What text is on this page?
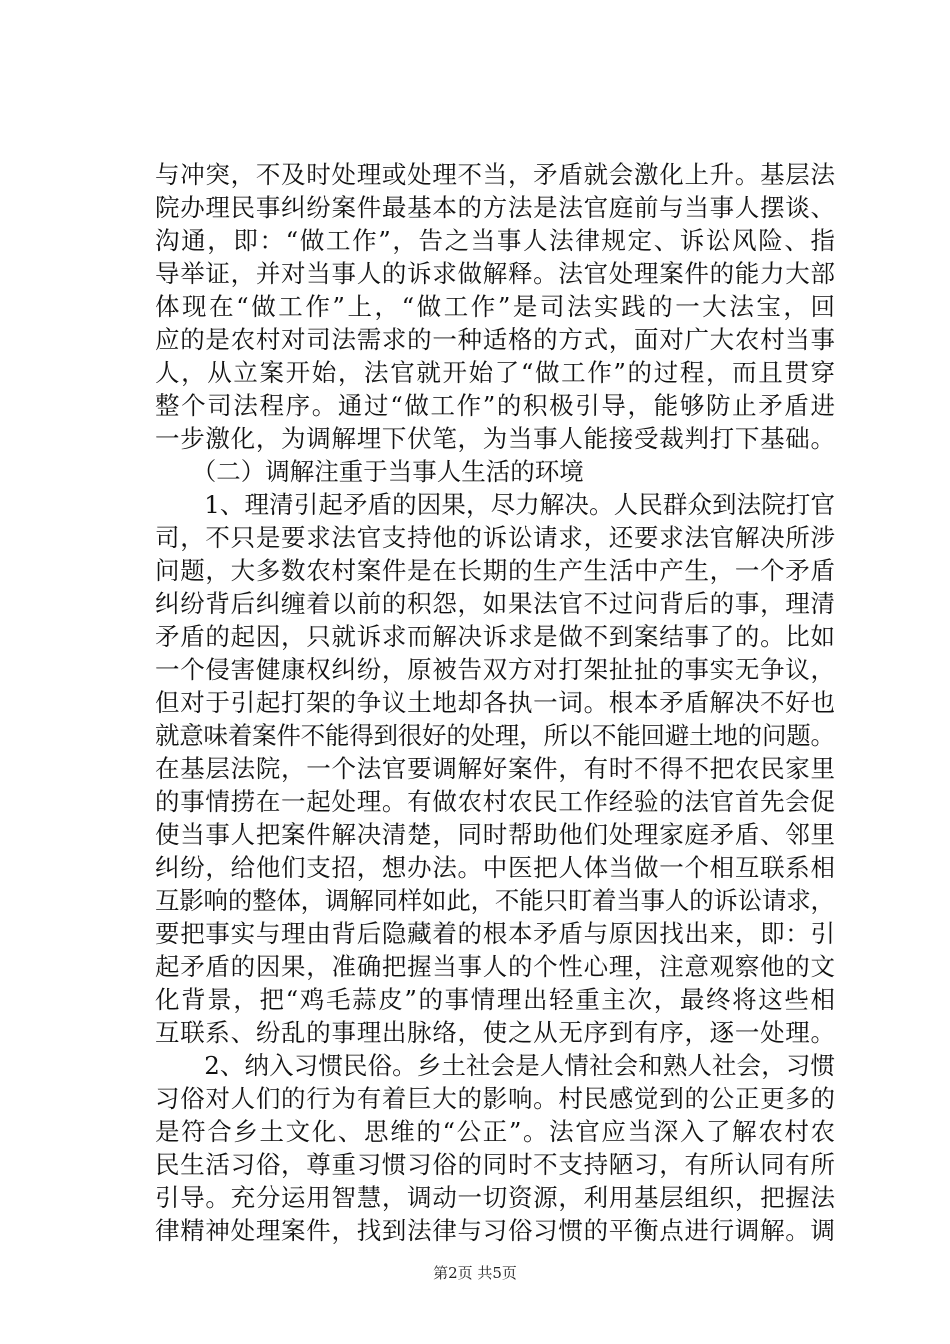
与冲突，不及时处理或处理不当，矛盾就会激化上升。基层法
院办理民事纠纷案件最基本的方法是法官庭前与当事人摆谈、
沟通，即：“做工作”，告之当事人法律规定、诉讼风险、指
导举证，并对当事人的诉求做解释。法官处理案件的能力大部
体现在“做工作”上，“做工作”是司法实践的一大法宝，回
应的是农村对司法需求的一种适格的方式，面对广大农村当事
人，从立案开始，法官就开始了“做工作”的过程，而且贯穿
整个司法程序。通过“做工作”的积极引导，能够防止矛盾进
一步激化，为调解埋下伏笔，为当事人能接受裁判打下基础。
　　（二）调解注重于当事人生活的环境
　　1、理清引起矛盾的因果，尽力解决。人民群众到法院打官
司，不只是要求法官支持他的诉讼请求，还要求法官解决所涉
问题，大多数农村案件是在长期的生产生活中产生，一个矛盾
纠纷背后纠缠着以前的积怨，如果法官不过问背后的事，理清
矛盾的起因，只就诉求而解决诉求是做不到案结事了的。比如
一个侵害健康权纠纷，原被告双方对打架扯扯的事实无争议，
但对于引起打架的争议土地却各执一词。根本矛盾解决不好也
就意味着案件不能得到很好的处理，所以不能回避土地的问题。
在基层法院，一个法官要调解好案件，有时不得不把农民家里
的事情捞在一起处理。有做农村农民工作经验的法官首先会促
使当事人把案件解决清楚，同时帮助他们处理家庭矛盾、邻里
纠纷，给他们支招，想办法。中医把人体当做一个相互联系相
互影响的整体，调解同样如此，不能只盯着当事人的诉讼请求，
要把事实与理由背后隐藏着的根本矛盾与原因找出来，即：引
起矛盾的因果，准确把握当事人的个性心理，注意观察他的文
化背景，把“鸡毛蒜皮”的事情理出轻重主次，最终将这些相
互联系、纷乱的事理出脉络，使之从无序到有序，逐一处理。
　　2、纳入习惯民俗。乡土社会是人情社会和熟人社会，习惯
习俗对人们的行为有着巨大的影响。村民感觉到的公正更多的
是符合乡土文化、思维的“公正”。法官应当深入了解农村农
民生活习俗，尊重习惯习俗的同时不支持陋习，有所认同有所
引导。充分运用智慧，调动一切资源，利用基层组织，把握法
律精神处理案件，找到法律与习俗习惯的平衡点进行调解。调
第2页 共5页
